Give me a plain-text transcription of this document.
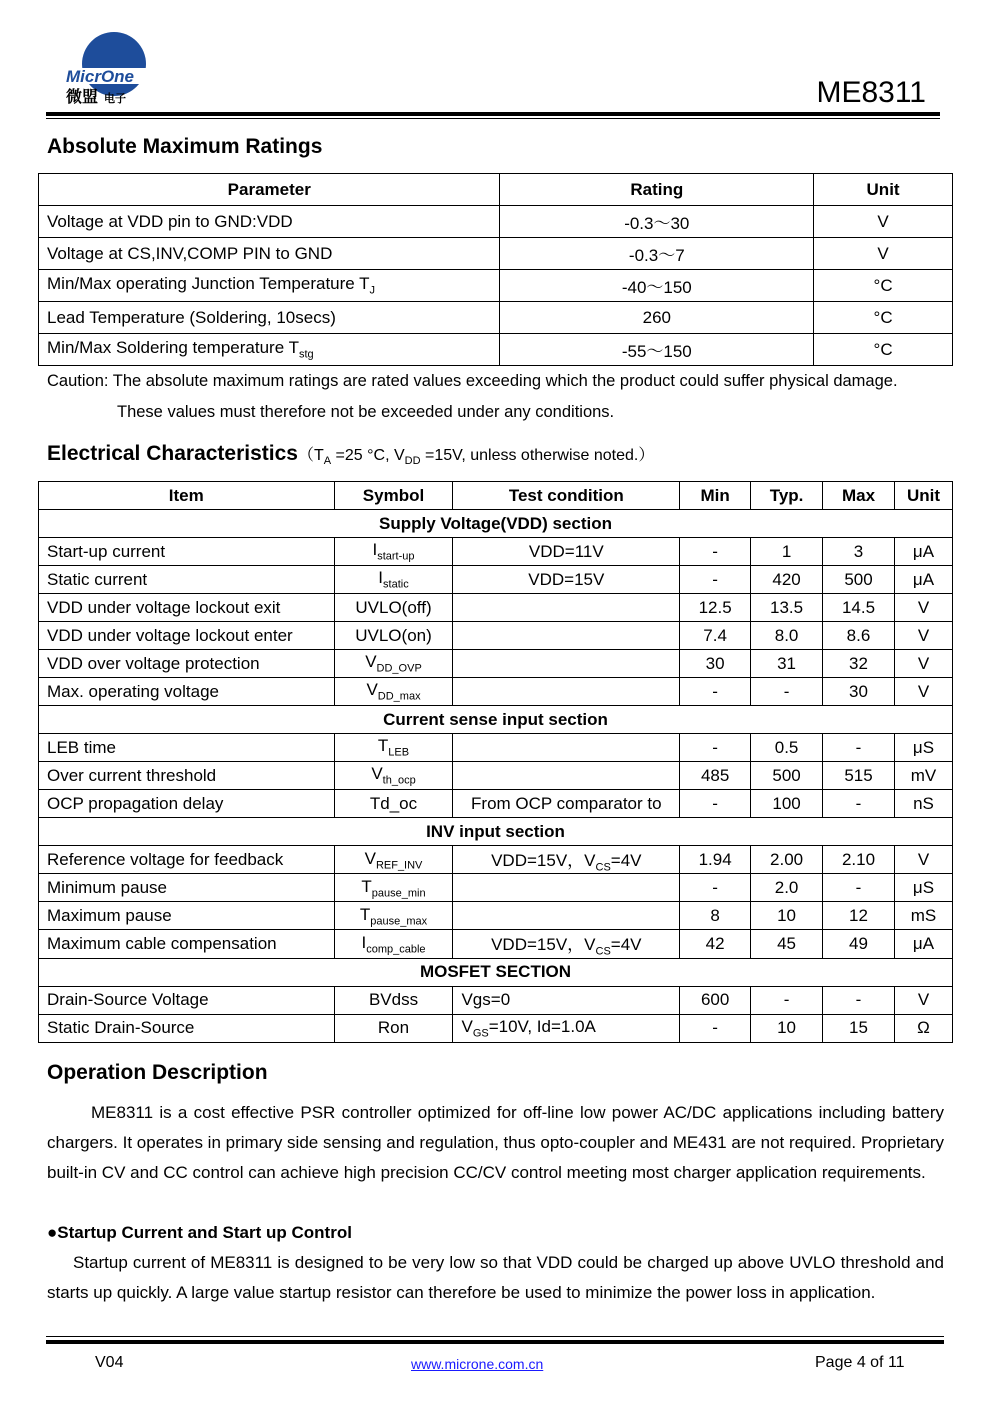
MicrOne
微盟 电子	ME8311
Absolute Maximum Ratings
Parameter	Rating	Unit
Voltage at VDD pin to GND:VDD	-0.3～30	V
Voltage at CS,INV,COMP PIN to GND	-0.3～7	V
Min/Max operating Junction Temperature $T_J$	-40～150	°C
Lead Temperature (Soldering, 10secs)	260	°C
Min/Max Soldering temperature $T_{stg}$	-55～150	°C
Caution: The absolute maximum ratings are rated values exceeding which the product could suffer physical damage.
These values must therefore not be exceeded under any conditions.
Electrical $Characteristics(T_A =25$ °C, $V_{DD} =15V$, unless otherwise noted.）
Item	Symbol	Test condition	Min	Typ.	Max	Unit
Supply Voltage(VDD) section						
Start-up current	$I_{start-up}$	VDD=11V	-	1	3	μA
Static current	$I_{static}$	VDD=15V	-	420	500	μA
VDD under voltage lockout exit	UVLO(off)		12.5	13.5	14.5	V
VDD under voltage lockout enter	UVLO(on)		7.4	8.0	8.6	V
VDD over voltage protection	$V_{DD\_OVP}$		30	31	32	V
Max. operating voltage	$V_{DD\_max}$		-	-	30	V
Current sense input section						
LEB time	$T_{LEB}$		-	0.5	-	μS
Over current threshold	$V_{th\_ocp}$		485	500	515	mV
OCP propagation delay	Td_oc	From OCP comparator to	-	100	-	nS
INV input section						
Reference voltage for feedback	$V_{REF\_INV}$	VDD=15V，$V_{CS}=4V$	1.94	2.00	2.10	V
Minimum pause	$T_{pause\_min}$		-	2.0	-	μS
Maximum pause	$T_{pause\_max}$		8	10	12	mS
Maximum cable compensation	$I_{comp\_cable}$	VDD=15V，$V_{CS}=4V$	42	45	49	μA
MOSFET SECTION						
Drain-Source Voltage	BVdss	Vgs=0	600	-	-	V
Static Drain-Source	Ron	$V_{GS}=10V$, Id=1.0A	-	10	15	Ω
Operation Description
ME8311 is a cost effective PSR controller optimized for off-line low power AC/DC applications including battery chargers. It operates in primary side sensing and regulation, thus opto-coupler and ME431 are not required. Proprietary built-in CV and CC control can achieve high precision CC/CV control meeting most charger application requirements.
●Startup Current and Start up Control
Startup current of ME8311 is designed to be very low so that VDD could be charged up above UVLO threshold and starts up quickly. A large value startup resistor can therefore be used to minimize the power loss in application.
V04	www.microne.com.cn	Page 4 of 11
